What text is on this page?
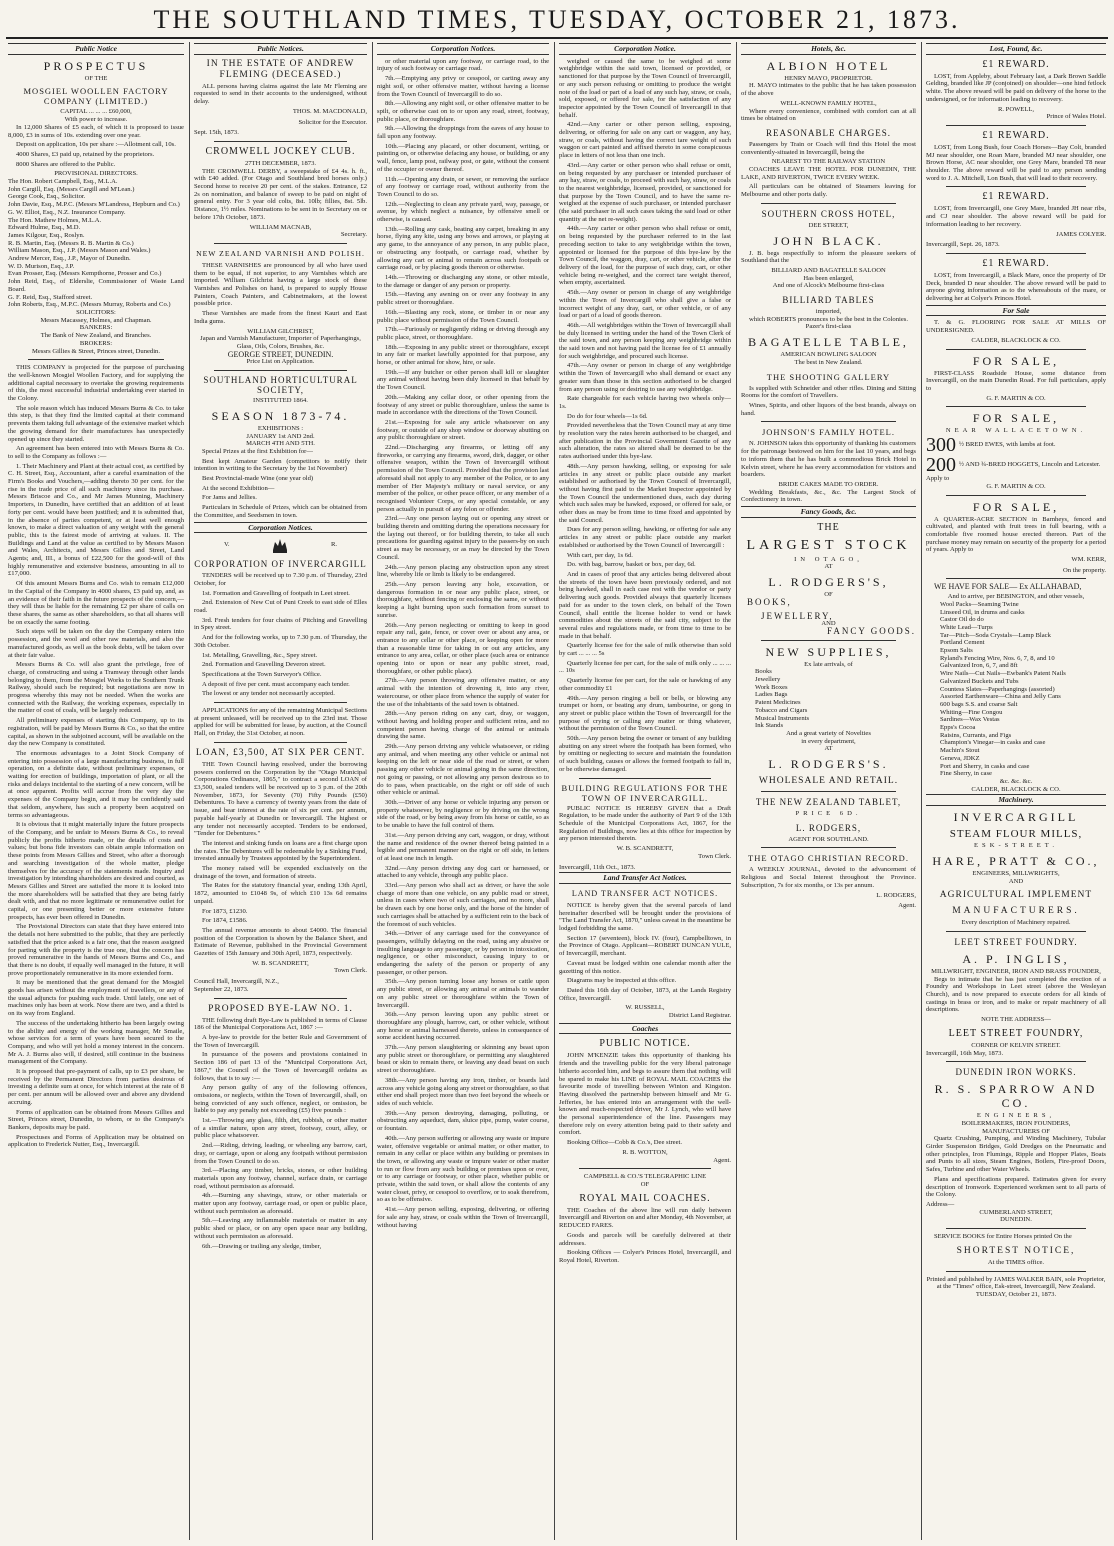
THE SOUTHLAND TIMES, TUESDAY, OCTOBER 21, 1873.
Public Notice
PROSPECTUS
OF THE
MOSGIEL WOOLLEN FACTORY COMPANY (LIMITED.)
CAPITAL ... ... ... £60,000,
With power to increase.
In 12,000 Shares of £5 each, of which it is proposed to issue 8,000, £3 in sums of 10s. extending over one year.
Deposit on application, 10s per share :—Allotment call, 10s.
4000 Shares, £3 paid up, retained by the proprietors.
8000 Shares are offered to the Public.
PROVISIONAL DIRECTORS.
The Hon. Robert Campbell, Esq., M.L.A.
John Cargill, Esq. (Messrs Cargill and M'Lean.)
George Cook, Esq., Solicitor.
John Davie, Esq., M.P.C. (Messrs M'Landress, Hepburn and Co.)
G. W. Elliot, Esq., N.Z. Insurance Company.
The Hon. Mathew Holmes, M.L.A.
Edward Hulme, Esq., M.D.
James Kilgour, Esq., Roslyn.
R. B. Martin, Esq. (Messrs R. B. Martin & Co.)
William Mason, Esq., J.P. (Messrs Mason and Wales.)
Andrew Mercer, Esq., J.P., Mayor of Dunedin.
W. D. Murison, Esq., J.P.
Evan Prosser, Esq. (Messrs Kempthorne, Prosser and Co.)
John Reid, Esq., of Elderslie, Commissioner of Waste Land Board.
G. F. Reid, Esq., Stafford street.
John Roberts, Esq., M.P.C. (Messrs Murray, Roberts and Co.)
SOLICITORS:
Messrs Macassey, Holmes, and Chapman.
BANKERS:
The Bank of New Zealand, and Branches.
BROKERS:
Messrs Gillies & Street, Princes street, Dunedin.
THIS COMPANY is projected for the purpose of purchasing the well-known Mosgiel Woollen Factory, and for supplying the additional capital necessary to overtake the growing requirements of this, the most successful industrial undertaking ever started in the Colony.
The sole reason which has induced Messrs Burns & Co. to take this step, is that they find the limited capital at their command prevents them taking full advantage of the extensive market which the growing demand for their manufactures has unexpectedly opened up since they started.
An agreement has been entered into with Messrs Burns & Co. to sell to the Company as follows :—
1. Their Machinery and Plant at their actual cost, as certified by C. H. Street, Esq., Accountant, after a careful examination of the Firm's Books and Vouchers,—adding thereto 30 per cent. for the rise in the trade price of all such machinery since its purchase. Messrs Briscoe and Co., and Mr James Munning, Machinery Importers, in Dunedin, have certified that an addition of at least forty per cent. would have been justified; and it is submitted that, in the absence of parties competent, or at least well enough known, to make a direct valuation of any weight with the general public, this is the fairest mode of arriving at values. II. The Buildings and Land at the value as certified to by Messrs Mason and Wales, Architects, and Messrs Gillies and Street, Land Agents; and, III., a bonus of £22,500 for the good-will of this highly remunerative and extensive business, amounting in all to £17,000.
Of this amount Messrs Burns and Co. wish to remain £12,000 in the Capital of the Company in 4000 shares, £3 paid up, and, as an evidence of their faith in the future prospects of the concern,—they will thus be liable for the remaining £2 per share of calls on these shares, the same as other shareholders, so that all shares will be on exactly the same footing.
Such steps will be taken on the day the Company enters into possession, and the wool and other raw materials, and also the manufactured goods, as well as the book debts, will be taken over at their fair value.
Messrs Burns & Co. will also grant the privilege, free of charge, of constructing and using a Tramway through other lands belonging to them, from the Mosgiel Works to the Southern Trunk Railway, should such be required; but negotiations are now in progress whereby this may not be needed. When the works are connected with the Railway, the working expenses, especially in the matter of cost of coals, will be largely reduced.
All preliminary expenses of starting this Company, up to its registration, will be paid by Messrs Burns & Co., so that the entire capital, as shown in the subjoined account, will be available on the day the new Company is constituted.
The enormous advantages to a Joint Stock Company of entering into possession of a large manufacturing business, in full operation, on a definite date, without preliminary expenses, or waiting for erection of buildings, importation of plant, or all the risks and delays incidental to the starting of a new concern, will be at once apparent. Profits will accrue from the very day the expenses of the Company begin, and it may be confidently said that seldom, anywhere, has such a property been acquired on terms so advantageous.
It is obvious that it might materially injure the future prospects of the Company, and be unfair to Messrs Burns & Co., to reveal publicly the profits hitherto made, or the details of costs and values; but bona fide investors can obtain ample information on these points from Messrs Gillies and Street, who after a thorough and searching investigation of the whole matter, pledge themselves for the accuracy of the statements made. Inquiry and investigation by intending shareholders are desired and courted, as Messrs Gillies and Street are satisfied the more it is looked into the more shareholders will be satisfied that they are being fairly dealt with, and that no more legitimate or remunerative outlet for capital, or one presenting better or more extensive future prospects, has ever been offered in Dunedin.
The Provisional Directors can state that they have entered into the details not here submitted to the public, that they are perfectly satisfied that the price asked is a fair one, that the reason assigned for parting with the property is the true one, that the concern has proved remunerative in the hands of Messrs Burns and Co., and that there is no doubt, if equally well managed in the future, it will prove proportionately remunerative in its more extended form.
It may be mentioned that the great demand for the Mosgiel goods has arisen without the employment of travellers, or any of the usual adjuncts for pushing such trade. Until lately, one set of machines only has been at work. Now there are two, and a third is on its way from England.
The success of the undertaking hitherto has been largely owing to the ability and energy of the working manager, Mr Smaile, whose services for a term of years have been secured to the Company, and who will yet hold a money interest in the concern. Mr A. J. Burns also will, if desired, still continue in the business management of the Company.
It is proposed that pre-payment of calls, up to £3 per share, be received by the Permanent Directors from parties desirous of investing a definite sum at once, for which interest at the rate of 8 per cent. per annum will be allowed over and above any dividend accruing.
Forms of application can be obtained from Messrs Gillies and Street, Princes street, Dunedin, to whom, or to the Company's Bankers, deposits may be paid.
Prospectuses and Forms of Application may be obtained on application to Frederick Nutter, Esq., Invercargill.
Public Notices.
IN THE ESTATE OF ANDREW FLEMING (DECEASED.)
ALL persons having claims against the late Mr Fleming are requested to send in their accounts to the undersigned, without delay.
THOS. M. MACDONALD,
Solicitor for the Executor.
Sept. 15th, 1873.
CROMWELL JOCKEY CLUB.
27TH DECEMBER, 1873.
THE CROMWELL DERBY, a sweepstake of £4 4s. h. ft., with £40 added. (For Otago and Southland bred horses only.) Second horse to receive 20 per cent. of the stakes. Entrance, £2 2s on nomination, and balance of sweep to be paid on night of general entry. For 3 year old colts, 8st. 10lb; fillies, 8st. 5lb. Distance, 1½ miles. Nominations to be sent in to Secretary on or before 17th October, 1873.
WILLIAM MACNAB,
Secretary.
NEW ZEALAND VARNISH AND POLISH.
THESE VARNISHES are pronounced by all who have used them to be equal, if not superior, to any Varnishes which are imported. William Gilchrist having a large stock of these Varnishes and Polishes on hand, is prepared to supply House Painters, Coach Painters, and Cabinetmakers, at the lowest possible price.
These Varnishes are made from the finest Kauri and East India gums.
WILLIAM GILCHRIST,
Japan and Varnish Manufacturer, Importer of Paperhangings, Glass, Oils, Colors, Brushes, &c.
GEORGE STREET, DUNEDIN.
Price List on Application.
SOUTHLAND HORTICULTURAL SOCIETY,
INSTITUTED 1864.
SEASON 1873-74.
EXHIBITIONS :
JANUARY 1st AND 2nd.
MARCH 4TH AND 5TH.
Special Prizes at the first Exhibition for—
Best kept Amateur Garden (competitors to notify their intention in writing to the Secretary by the 1st November)
Best Provincial-made Wine (one year old)
At the second Exhibition—
For Jams and Jellies.
Particulars in Schedule of Prizes, which can be obtained from the Committee, and Seedsmen in town.
Corporation Notices.
V.	R.
CORPORATION OF INVERCARGILL
TENDERS will be received up to 7.30 p.m. of Thursday, 23rd October, for
1st. Formation and Gravelling of footpath in Leet street.
2nd. Extension of New Cut of Puni Creek to east side of Elles road.
3rd. Fresh tenders for four chains of Pitching and Gravelling in Spey street.
And for the following works, up to 7.30 p.m. of Thursday, the 30th October.
1st. Metalling, Gravelling, &c., Spey street.
2nd. Formation and Gravelling Deveron street.
Specifications at the Town Surveyor's Office.
A deposit of five per cent. must accompany each tender.
The lowest or any tender not necessarily accepted.
APPLICATIONS for any of the remaining Municipal Sections at present unleased, will be received up to the 23rd inst. Those applied for will be submitted for lease, by auction, at the Council Hall, on Friday, the 31st October, at noon.
LOAN, £3,500, AT SIX PER CENT.
THE Town Council having resolved, under the borrowing powers conferred on the Corporation by the "Otago Municipal Corporations Ordinance, 1865," to contract a second LOAN of £3,500, sealed tenders will be received up to 3 p.m. of the 20th November, 1873, for Seventy (70) Fifty Pounds (£50) Debentures. To have a currency of twenty years from the date of issue, and bear interest at the rate of six per cent. per annum, payable half-yearly at Dunedin or Invercargill. The highest or any tender not necessarily accepted. Tenders to be endorsed, "Tender for Debentures."
The interest and sinking funds on loans are a first charge upon the rates. The Debentures will be redeemable by a Sinking Fund, invested annually by Trustees appointed by the Superintendent.
The money raised will be expended exclusively on the drainage of the town, and formation of streets.
The Rates for the statutory financial year, ending 13th April, 1872, amounted to £1048 9s, of which £10 13s 6d remains unpaid.
For 1873, £1230.
For 1874, £1586.
The annual revenue amounts to about £4000. The financial position of the Corporation is shown by the Balance Sheet, and Estimate of Revenue, published in the Provincial Government Gazettes of 15th January and 30th April, 1873, respectively.
W. B. SCANDRETT,
Town Clerk.
Council Hall, Invercargill, N.Z.,
September 22, 1873.
PROPOSED BYE-LAW NO. 1.
THE following draft Bye-Law is published in terms of Clause 186 of the Municipal Corporations Act, 1867 :—
A bye-law to provide for the better Rule and Government of the Town of Invercargill.
In pursuance of the powers and provisions contained in Section 186 of part 13 of the "Municipal Corporations Act, 1867," the Council of the Town of Invercargill ordains as follows, that is to say :—
Any person guilty of any of the following offences, omissions, or neglects, within the Town of Invercargill, shall, on being convicted of any such offence, neglect, or omission, be liable to pay any penalty not exceeding (£5) five pounds :
1st.—Throwing any glass, filth, dirt, rubbish, or other matter of a similar nature, upon any street, footway, court, alley, or public place whatsoever.
2nd.—Riding, driving, leading, or wheeling any barrow, cart, dray, or carriage, upon or along any footpath without permission from the Town Council to do so.
3rd.—Placing any timber, bricks, stones, or other building materials upon any footway, channel, surface drain, or carriage road, without permission as aforesaid.
4th.—Burning any shavings, straw, or other materials or matter upon any footway, carriage road, or open or public place, without such permission as aforesaid.
5th.—Leaving any inflammable materials or matter in any public shed or place, or on any open space near any building, without such permission as aforesaid.
6th.—Drawing or trailing any sledge, timber,
Corporation Notices.
or other material upon any footway, or carriage road, to the injury of such footway or carriage road.
7th.—Emptying any privy or cesspool, or carting away any night soil, or other offensive matter, without having a license from the Town Council of Invercargill to do so.
8th.—Allowing any night soil, or other offensive matter to be spilt, or otherwise cast on to or upon any road, street, footway, public place, or thoroughfare.
9th.—Allowing the droppings from the eaves of any house to fall upon any footway.
10th.—Placing any placard, or other document, writing, or painting on, or otherwise defacing any house, or building, or any wall, fence, lamp post, railway post, or gate, without the consent of the occupier or owner thereof.
11th.—Opening any drain, or sewer, or removing the surface of any footway or carriage road, without authority from the Town Council to do so.
12th.—Neglecting to clean any private yard, way, passage, or avenue, by which neglect a nuisance, by offensive smell or otherwise, is caused.
13th.—Rolling any cask, beating any carpet, breaking in any horse, flying any kite, using any bows and arrows, or playing at any game, to the annoyance of any person, in any public place, or obstructing any footpath, or carriage road, whether by allowing any cart or animal to remain across such footpath or carriage road, or by placing goods thereon or otherwise.
14th.—Throwing or discharging any stone, or other missile, to the damage or danger of any person or property.
15th.—Having any awning on or over any footway in any public street or thoroughfare.
16th.—Blasting any rock, stone, or timber in or near any public place without permission of the Town Council.
17th.—Furiously or negligently riding or driving through any public place, street, or thoroughfare.
18th.—Exposing in any public street or thoroughfare, except in any fair or market lawfully appointed for that purpose, any horse, or other animal for show, hire, or sale.
19th.—If any butcher or other person shall kill or slaughter any animal without having been duly licensed in that behalf by the Town Council.
20th.—Making any cellar door, or other opening from the footway of any street or public thoroughfare, unless the same is made in accordance with the directions of the Town Council.
21st.—Exposing for sale any article whatsoever on any footway, or outside of any shop window or doorway abutting on any public thoroughfare or street.
22nd.—Discharging any firearms, or letting off any fireworks, or carrying any firearms, sword, dirk, dagger, or other offensive weapon, within the Town of Invercargill without permission of the Town Council. Provided that the provision last aforesaid shall not apply to any member of the Police, or to any member of Her Majesty's military or naval service, or any member of the police, or other peace officer, or any member of a recognised Volunteer Corps, or any special constable, or any person actually in pursuit of any felon or offender.
23rd.—Any one person laying out or opening any street or building therein and omitting during the operations necessary for the laying out thereof, or for building therein, to take all such precautions for guarding against injury to the passers-by on such street as may be necessary, or as may be directed by the Town Council.
24th.—Any person placing any obstruction upon any street line, whereby life or limb is likely to be endangered.
25th.—Any person leaving any hole, excavation, or dangerous formation in or near any public place, street, or thoroughfare, without fencing or enclosing the same, or without keeping a light burning upon such formation from sunset to sunrise.
26th.—Any person neglecting or omitting to keep in good repair any rail, gate, fence, or cover over or about any area, or entrance to any cellar or other place, or keeping open for more than a reasonable time for taking in or out any articles, any entrance to any area, cellar, or other place (such area or entrance opening into or upon or near any public street, road, thoroughfare, or other public place).
27th.—Any person throwing any offensive matter, or any animal with the intention of drowning it, into any river, watercourse, or other place from whence the supply of water for the use of the inhabitants of the said town is obtained.
28th.—Any person riding on any cart, dray, or waggon, without having and holding proper and sufficient reins, and no competent person having charge of the animal or animals drawing the same.
29th.—Any person driving any vehicle whatsoever, or riding any animal, and when meeting any other vehicle or animal not keeping on the left or near side of the road or street, or when passing any other vehicle or animal going in the same direction, not going or passing, or not allowing any person desirous so to do to pass, when practicable, on the right or off side of such other vehicle or animal.
30th.—Driver of any horse or vehicle injuring any person or property whatsoever, by negligence or by driving on the wrong side of the road, or by being away from his horse or cattle, so as to be unable to have the full control of them.
31st.—Any person driving any cart, waggon, or dray, without the name and residence of the owner thereof being painted in a legible and permanent manner on the right or off side, in letters of at least one inch in length.
32nd.—Any person driving any dog cart or harnessed, or attached to any vehicle, through any public place.
33rd.—Any person who shall act as driver, or have the sole charge of more than one vehicle, on any public road or street, unless in cases where two of such carriages, and no more, shall be drawn each by one horse only, and the horse of the hinder of such carriages shall be attached by a sufficient rein to the back of the foremost of such vehicles.
34th.—Driver of any carriage used for the conveyance of passengers, wilfully delaying on the road, using any abusive or insulting language to any passenger, or by person in intoxication, negligence, or other misconduct, causing injury to or endangering the safety of the person or property of any passenger, or other person.
35th.—Any person turning loose any horses or cattle upon any public street, or allowing any animal or animals to wander on any public street or thoroughfare within the Town of Invercargill.
36th.—Any person leaving upon any public street or thoroughfare any plough, harrow, cart, or other vehicle, without any horse or animal harnessed thereto, unless in consequence of some accident having occurred.
37th.—Any person slaughtering or skinning any beast upon any public street or thoroughfare, or permitting any slaughtered beast or skin to remain there, or leaving any dead beast on such street or thoroughfare.
38th.—Any person having any iron, timber, or boards laid across any vehicle going along any street or thoroughfare, so that either end shall project more than two feet beyond the wheels or sides of such vehicle.
39th.—Any person destroying, damaging, polluting, or obstructing any aqueduct, dam, sluice pipe, pump, water course, or fountain.
40th.—Any person suffering or allowing any waste or impure water, offensive vegetable or animal matter, or other matter, to remain in any cellar or place within any building or premises in the town, or allowing any waste or impure water or other matter to run or flow from any such building or premises upon or over, or to any carriage or footway, or other place, whether public or private, within the said town, or shall allow the contents of any water closet, privy, or cesspool to overflow, or to soak therefrom, so as to be offensive.
41st.—Any person selling, exposing, delivering, or offering for sale any hay, straw, or coals within the Town of Invercargill, without having
Corporation Notice.
weighed or caused the same to be weighed at some weighbridge within the said town, licensed or provided, or sanctioned for that purpose by the Town Council of Invercargill, or any such person refusing or omitting to produce the weight note of the load or part of a load of any such hay, straw, or coals, sold, exposed, or offered for sale, for the satisfaction of any inspector appointed by the Town Council of Invercargill in that behalf.
42nd.—Any carter or other person selling, exposing, delivering, or offering for sale on any cart or waggon, any hay, straw, or coals, without having the correct tare weight of such waggon or cart painted and affixed thereto in some conspicuous place in letters of not less than one inch.
43rd.—Any carter or other person who shall refuse or omit, on being requested by any purchaser or intended purchaser of any hay, straw, or coals, to proceed with such hay, straw, or coals to the nearest weighbridge, licensed, provided, or sanctioned for that purpose by the Town Council, and to have the same re-weighed at the expense of such purchaser, or intended purchaser (the said purchaser in all such cases taking the said load or other quantity at the net re-weight).
44th.—Any carter or other person who shall refuse or omit, on being requested by the purchaser referred to in the last preceding section to take to any weighbridge within the town, appointed or licensed for the purpose of this bye-law by the Town Council, the waggon, dray, cart, or other vehicle, after the delivery of the load, for the purpose of such dray, cart, or other vehicle being re-weighed, and the correct tare weight thereof, when empty, ascertained.
45th.—Any owner or person in charge of any weighbridge within the Town of Invercargill who shall give a false or incorrect weight of any dray, cart, or other vehicle, or of any load or part of a load of goods thereon.
46th.—All weighbridges within the Town of Invercargill shall be duly licensed in writing under the hand of the Town Clerk of the said town, and any person keeping any weighbridge within the said town and not having paid the license fee of £1 annually for such weighbridge, and procured such license.
47th.—Any owner or person in charge of any weighbridge within the Town of Invercargill who shall demand or exact any greater sum than those in this section authorised to be charged from any person using or desiring to use any weighbridge.
Rate chargeable for each vehicle having two wheels only—1s.
Do do for four wheels—1s 6d.
Provided nevertheless that the Town Council may at any time by resolution vary the rates herein authorised to be charged, and after publication in the Provincial Government Gazette of any such alteration, the rates so altered shall be deemed to be the rates authorised under this bye-law.
48th.—Any person hawking, selling, or exposing for sale articles in any street or public place outside any market established or authorised by the Town Council of Invercargill, without having first paid to the Market Inspector appointed by the Town Council the undermentioned dues, each day during which such sales may be hawked, exposed, or offered for sale, or other dues as may be from time to time fixed and appointed by the said Council.
Dues for any person selling, hawking, or offering for sale any articles in any street or public place outside any market established or authorised by the Town Council of Invercargill :
With cart, per day, 1s 6d.
Do. with bag, barrow, basket or box, per day, 6d.
And in cases of proof that any articles being delivered about the streets of the town have been previously ordered, and not being hawked, shall in each case rest with the vendor or party delivering such goods. Provided always that quarterly licenses paid for as under to the town clerk, on behalf of the Town Council, shall entitle the license holder to vend or hawk commodities about the streets of the said city, subject to the several rules and regulations made, or from time to time to be made in that behalf.
Quarterly license fee for the sale of milk otherwise than sold by cart ... ... ... 5s
Quarterly license fee per cart, for the sale of milk only ... ... ... ... 10s
Quarterly license fee per cart, for the sale or hawking of any other commodity £1
49th.—Any person ringing a bell or bells, or blowing any trumpet or horn, or beating any drum, tambourine, or gong in any street or public place within the Town of Invercargill for the purpose of crying or calling any matter or thing whatever, without the permission of the Town Council.
50th.—Any person being the owner or tenant of any building abutting on any street where the footpath has been formed, who by omitting or neglecting to secure and maintain the foundation of such building, causes or allows the formed footpath to fall in, or be otherwise damaged.
BUILDING REGULATIONS FOR THE TOWN OF INVERCARGILL.
PUBLIC NOTICE IS HEREBY GIVEN that a Draft Regulation, to be made under the authority of Part 9 of the 13th Schedule of the Municipal Corporations Act, 1867, for the Regulation of Buildings, now lies at this office for inspection by any person interested therein.
W. B. SCANDRETT,
Town Clerk.
Invercargill, 11th Oct., 1873.
Land Transfer Act Notices.
LAND TRANSFER ACT NOTICES.
NOTICE is hereby given that the several parcels of land hereinafter described will be brought under the provisions of "The Land Transfer Act, 1870," unless caveat in the meantime be lodged forbidding the same.
Section 17 (seventeen), block IV. (four), Campbelltown, in the Province of Otago. Applicant—ROBERT DUNCAN YULE, of Invercargill, merchant.
Caveat must be lodged within one calendar month after the gazetting of this notice.
Diagrams may be inspected at this office.
Dated this 16th day of October, 1873, at the Lands Registry Office, Invercargill.
W. RUSSELL,
District Land Registrar.
Coaches
PUBLIC NOTICE.
JOHN M'KENZIE takes this opportunity of thanking his friends and the travelling public for the very liberal patronage hitherto accorded him, and begs to assure them that nothing will be spared to make his LINE of ROYAL MAIL COACHES the favourite mode of travelling between Winton and Kingston. Having dissolved the partnership between himself and Mr G. Jefferies, he has entered into an arrangement with the well-known and much-respected driver, Mr J. Lynch, who will have the personal superintendence of the line. Passengers may therefore rely on every attention being paid to their safety and comfort.
Booking Office—Cobb & Co.'s, Dee street.
R. B. WOTTON,
Agent.
CAMPBELL & CO.'S TELEGRAPHIC LINE
OF
ROYAL MAIL COACHES.
THE Coaches of the above line will run daily between Invercargill and Riverton on and after Monday, 4th November, at REDUCED FARES.
Goods and parcels will be carefully delivered at their addresses.
Booking Offices — Colyer's Princes Hotel, Invercargill, and Royal Hotel, Riverton.
Hotels, &c.
ALBION HOTEL
HENRY MAYO, PROPRIETOR.
H. MAYO intimates to the public that he has taken possession of the above
WELL-KNOWN FAMILY HOTEL,
Where every convenience, combined with comfort can at all times be obtained on
REASONABLE CHARGES.
Passengers by Train or Coach will find this Hotel the most conveniently-situated in Invercargill, being the
NEAREST TO THE RAILWAY STATION
COACHES LEAVE THE HOTEL FOR DUNEDIN, THE LAKE, AND RIVERTON, TWICE EVERY WEEK.
All particulars can be obtained of Steamers leaving for Melbourne and other ports daily.
SOUTHERN CROSS HOTEL,
DEE STREET,
JOHN BLACK.
J. B. begs respectfully to inform the pleasure seekers of Southland that the
BILLIARD AND BAGATELLE SALOON
Has been enlarged,
And one of Alcock's Melbourne first-class
BILLIARD TABLES
imported,
which ROBERTS pronounces to be the best in the Colonies.
Pazer's first-class
BAGATELLE TABLE,
AMERICAN BOWLING SALOON
The best in New Zealand.
THE SHOOTING GALLERY
Is supplied with Schneider and other rifles. Dining and Sitting Rooms for the comfort of Travellers.
Wines, Spirits, and other liquors of the best brands, always on hand.
JOHNSON'S FAMILY HOTEL.
N. JOHNSON takes this opportunity of thanking his customers for the patronage bestowed on him for the last 10 years, and begs to inform them that he has built a commodious Brick Hotel in Kelvin street, where he has every accommodation for visitors and boarders.
BRIDE CAKES MADE TO ORDER.
Wedding Breakfasts, &c., &c. The Largest Stock of Confectionery in town.
Fancy Goods, &c.
THE
LARGEST STOCK
IN OTAGO,
AT
L. RODGERS'S,
OF
BOOKS,
JEWELLERY,
AND
FANCY GOODS.
NEW SUPPLIES,
Ex late arrivals, of
Books
Jewellery
Work Boxes
Ladies Bags
Patent Medicines
Tobacco and Cigars
Musical Instruments
Ink Stands
And a great variety of Novelties
in every department,
AT
L. RODGERS'S.
WHOLESALE AND RETAIL.
THE NEW ZEALAND TABLET,
PRICE 6D.
L. RODGERS,
AGENT FOR SOUTHLAND.
THE OTAGO CHRISTIAN RECORD.
A WEEKLY JOURNAL, devoted to the advancement of Religious and Social Interest throughout the Province. Subscription, 7s for six months, or 13s per annum.
L. RODGERS,
Agent.
Lost, Found, &c.
£1 REWARD.
LOST, from Appleby, about February last, a Dark Brown Saddle Gelding, branded like JP (conjoined) on shoulder—one hind fetlock white. The above reward will be paid on delivery of the horse to the undersigned, or for information leading to recovery.
R. POWELL,
Prince of Wales Hotel.
£1 REWARD.
LOST, from Long Bush, four Coach Horses—Bay Colt, branded MJ near shoulder, one Roan Mare, branded MJ near shoulder, one Brown Horse, AC near shoulder, one Grey Mare, branded T8 near shoulder. The above reward will be paid to any person sending word to J. A. Mitchell, Lon Bush, that will lead to their recovery.
£1 REWARD.
LOST, from Invercargill, one Grey Mare, branded JH near ribs, and CJ near shoulder. The above reward will be paid for information leading to her recovery.
JAMES COLYER.
Invercargill, Sept. 26, 1873.
£1 REWARD.
LOST, from Invercargill, a Black Mare, once the property of Dr Deck, branded D near shoulder. The above reward will be paid to anyone giving information as to the whereabouts of the mare, or delivering her at Colyer's Princes Hotel.
For Sale
T. & G. FLOORING FOR SALE AT MILLS OF UNDERSIGNED.
CALDER, BLACKLOCK & CO.
FOR SALE,
FIRST-CLASS Roadside House, some distance from Invercargill, on the main Dunedin Road. For full particulars, apply to
G. F. MARTIN & CO.
FOR SALE,
NEAR WALLACETOWN.
300 ½ BRED EWES, with lambs at foot.
200 ½ AND ¾-BRED HOGGETS, Lincoln and Leicester.
Apply to
G. F. MARTIN & CO.
FOR SALE,
A QUARTER-ACRE SECTION in Barnheys, fenced and cultivated, and planted with fruit trees in full bearing, with a comfortable five roomed house erected thereon. Part of the purchase money may remain on security of the property for a period of years. Apply to
WM. KERR,
On the property.
WE HAVE FOR SALE— Ex ALLAHABAD,
And to arrive, per BEBINGTON, and other vessels,
Wool Packs—Seaming Twine
Linseed Oil, in drums and casks
Castor Oil do do
White Lead—Turps
Tar—Pitch—Soda Crystals—Lamp Black
Portland Cement
Epsom Salts
Ryland's Fencing Wire, Nos. 6, 7, 8, and 10
Galvanized Iron, 6, 7, and 8ft
Wire Nails—Cut Nails—Ewbank's Patent Nails
Galvanized Buckets and Tubs
Countess Slates—Paperhangings (assorted)
Assorted Earthenware—China and Jelly Cans
600 bags S.S. and coarse Salt
Whiting—Fine Congou
Sardines—Wax Vestas
Epps's Cocoa
Raisins, Currants, and Figs
Champion's Vinegar—in casks and case
Machin's Stout
Geneva, JDKZ
Port and Sherry, in casks and case
Fine Sherry, in case
&c. &c. &c.
CALDER, BLACKLOCK & CO.
Machinery.
INVERCARGILL
STEAM FLOUR MILLS,
ESK-STREET.
HARE, PRATT & CO.,
ENGINEERS, MILLWRIGHTS,
AND
AGRICULTURAL IMPLEMENT
MANUFACTURERS.
Every description of Machinery repaired.
LEET STREET FOUNDRY.
A. P. INGLIS,
MILLWRIGHT, ENGINEER, IRON AND BRASS FOUNDER,
Begs to intimate that he has just completed the erection of a Foundry and Workshops in Leet street (above the Wesleyan Church), and is now prepared to execute orders for all kinds of castings in brass or iron, and to make or repair machinery of all descriptions.
NOTE THE ADDRESS—
LEET STREET FOUNDRY,
CORNER OF KELVIN STREET.
Invercargill, 16th May, 1873.
DUNEDIN IRON WORKS.
R. S. SPARROW AND CO.
ENGINEERS,
BOILERMAKERS, IRON FOUNDERS,
MANUFACTURERS OF
Quartz Crushing, Pumping, and Winding Machinery, Tubular Girder Suspension Bridges, Gold Dredges on the Pneumatic and other principles, Iron Flumings, Ripple and Hopper Plates, Boats and Punts to all sizes, Steam Engines, Boilers, Fire-proof Doors, Safes, Turbine and other Water Wheels.
Plans and specifications prepared. Estimates given for every description of Ironwork. Experienced workmen sent to all parts of the Colony.
Address—
CUMBERLAND STREET,
DUNEDIN.
SERVICE BOOKS for Entire Horses printed On the
SHORTEST NOTICE,
At the TIMES office.
Printed and published by JAMES WALKER BAIN, sole Proprietor, at the "Times" office, Esk-street, Invercargill, New Zealand.
TUESDAY, October 21, 1873.
